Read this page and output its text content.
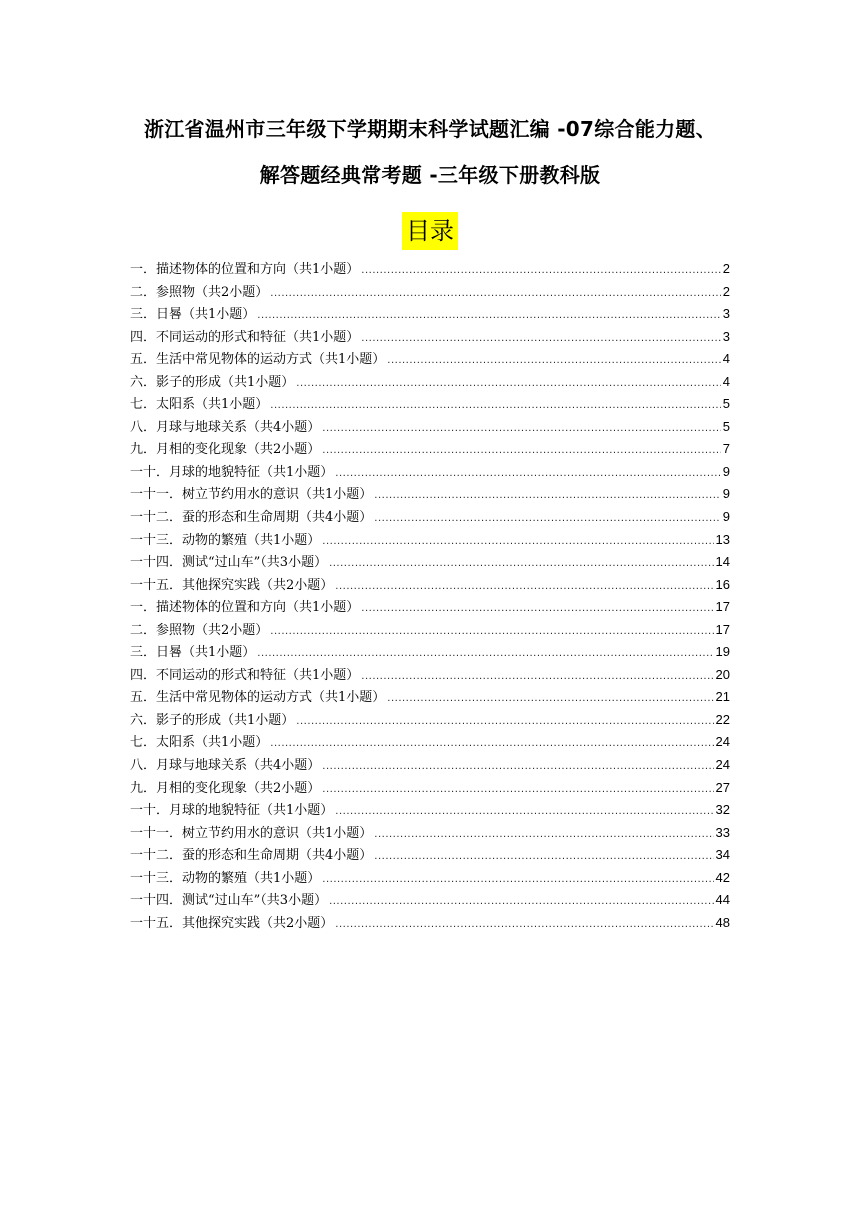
浙江省温州市三年级下学期期末科学试题汇编 -07综合能力题、
解答题经典常考题 -三年级下册教科版
目录
一．描述物体的位置和方向（共1小题） .....	2
二．参照物（共2小题） .....	2
三．日晷（共1小题） .....	3
四．不同运动的形式和特征（共1小题） .....	3
五．生活中常见物体的运动方式（共1小题） .....	4
六．影子的形成（共1小题） .....	4
七．太阳系（共1小题） .....	5
八．月球与地球关系（共4小题） .....	5
九．月相的变化现象（共2小题） .....	7
一十．月球的地貌特征（共1小题） .....	9
一十一．树立节约用水的意识（共1小题） .....	9
一十二．蚕的形态和生命周期（共4小题） .....	9
一十三．动物的繁殖（共1小题） .....	13
一十四．测试“过山车”（共3小题） .....	14
一十五．其他探究实践（共2小题） .....	16
一．描述物体的位置和方向（共1小题） .....	17
二．参照物（共2小题） .....	17
三．日晷（共1小题） .....	19
四．不同运动的形式和特征（共1小题） .....	20
五．生活中常见物体的运动方式（共1小题） .....	21
六．影子的形成（共1小题） .....	22
七．太阳系（共1小题） .....	24
八．月球与地球关系（共4小题） .....	24
九．月相的变化现象（共2小题） .....	27
一十．月球的地貌特征（共1小题） .....	32
一十一．树立节约用水的意识（共1小题） .....	33
一十二．蚕的形态和生命周期（共4小题） .....	34
一十三．动物的繁殖（共1小题） .....	42
一十四．测试“过山车”（共3小题） .....	44
一十五．其他探究实践（共2小题） .....	48
